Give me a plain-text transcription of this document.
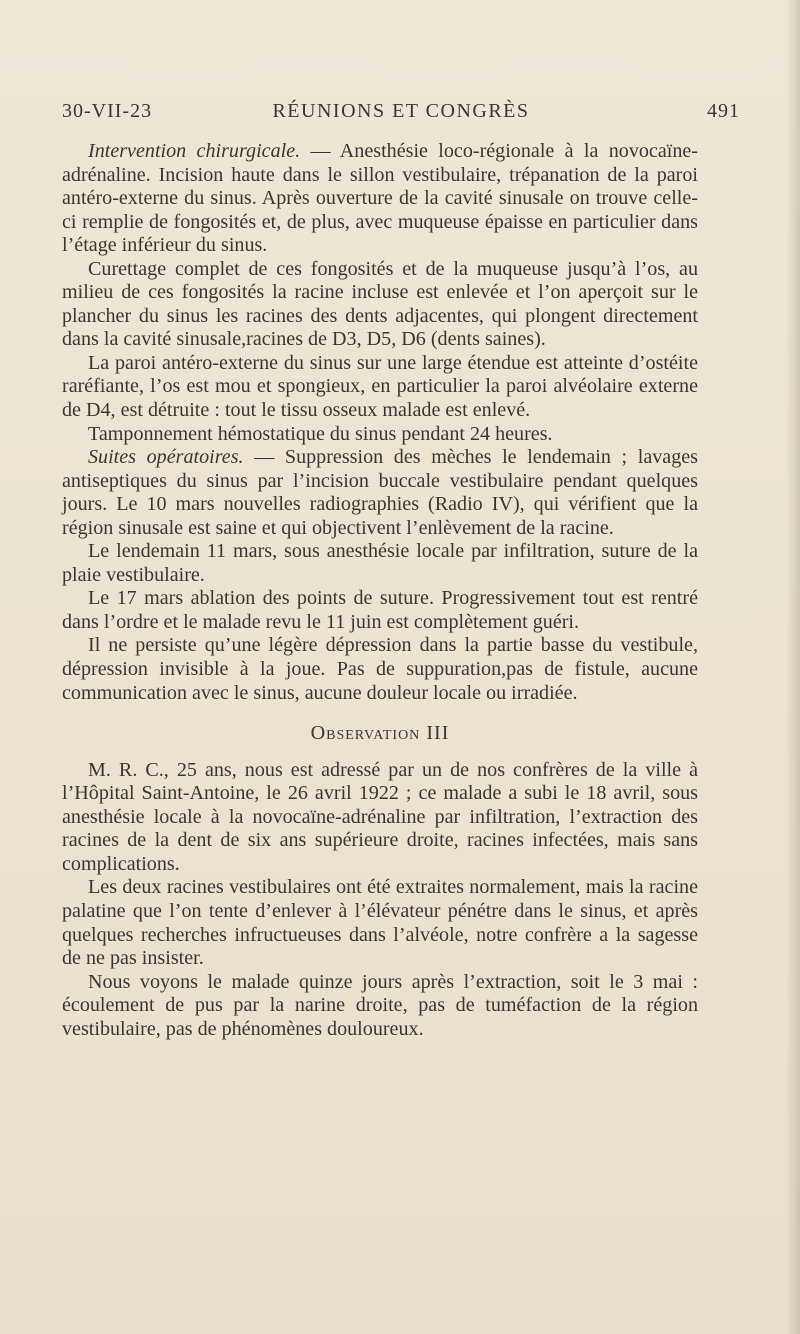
30-VII-23	RÉUNIONS ET CONGRÈS	491

Intervention chirurgicale. — Anesthésie loco-régionale à la novocaïne-adrénaline. Incision haute dans le sillon vestibulaire, trépanation de la paroi antéro-externe du sinus. Après ouverture de la cavité sinusale on trouve celle-ci remplie de fongosités et, de plus, avec muqueuse épaisse en particulier dans l’étage inférieur du sinus.

Curettage complet de ces fongosités et de la muqueuse jusqu’à l’os, au milieu de ces fongosités la racine incluse est enlevée et l’on aperçoit sur le plancher du sinus les racines des dents adjacentes, qui plongent directement dans la cavité sinusale,racines de D3, D5, D6 (dents saines).

La paroi antéro-externe du sinus sur une large étendue est atteinte d’ostéite raréfiante, l’os est mou et spongieux, en particulier la paroi alvéolaire externe de D4, est détruite : tout le tissu osseux malade est enlevé.

Tamponnement hémostatique du sinus pendant 24 heures.

Suites opératoires. — Suppression des mèches le lendemain ; lavages antiseptiques du sinus par l’incision buccale vestibulaire pendant quelques jours. Le 10 mars nouvelles radiographies (Radio IV), qui vérifient que la région sinusale est saine et qui objectivent l’enlèvement de la racine.

Le lendemain 11 mars, sous anesthésie locale par infiltration, suture de la plaie vestibulaire.

Le 17 mars ablation des points de suture. Progressivement tout est rentré dans l’ordre et le malade revu le 11 juin est complètement guéri.

Il ne persiste qu’une légère dépression dans la partie basse du vestibule, dépression invisible à la joue. Pas de suppuration,pas de fistule, aucune communication avec le sinus, aucune douleur locale ou irradiée.

Observation III

M. R. C., 25 ans, nous est adressé par un de nos confrères de la ville à l’Hôpital Saint-Antoine, le 26 avril 1922 ; ce malade a subi le 18 avril, sous anesthésie locale à la novocaïne-adrénaline par infiltration, l’extraction des racines de la dent de six ans supérieure droite, racines infectées, mais sans complications.

Les deux racines vestibulaires ont été extraites normalement, mais la racine palatine que l’on tente d’enlever à l’élévateur pénétre dans le sinus, et après quelques recherches infructueuses dans l’alvéole, notre confrère a la sagesse de ne pas insister.

Nous voyons le malade quinze jours après l’extraction, soit le 3 mai : écoulement de pus par la narine droite, pas de tuméfaction de la région vestibulaire, pas de phénomènes douloureux.
